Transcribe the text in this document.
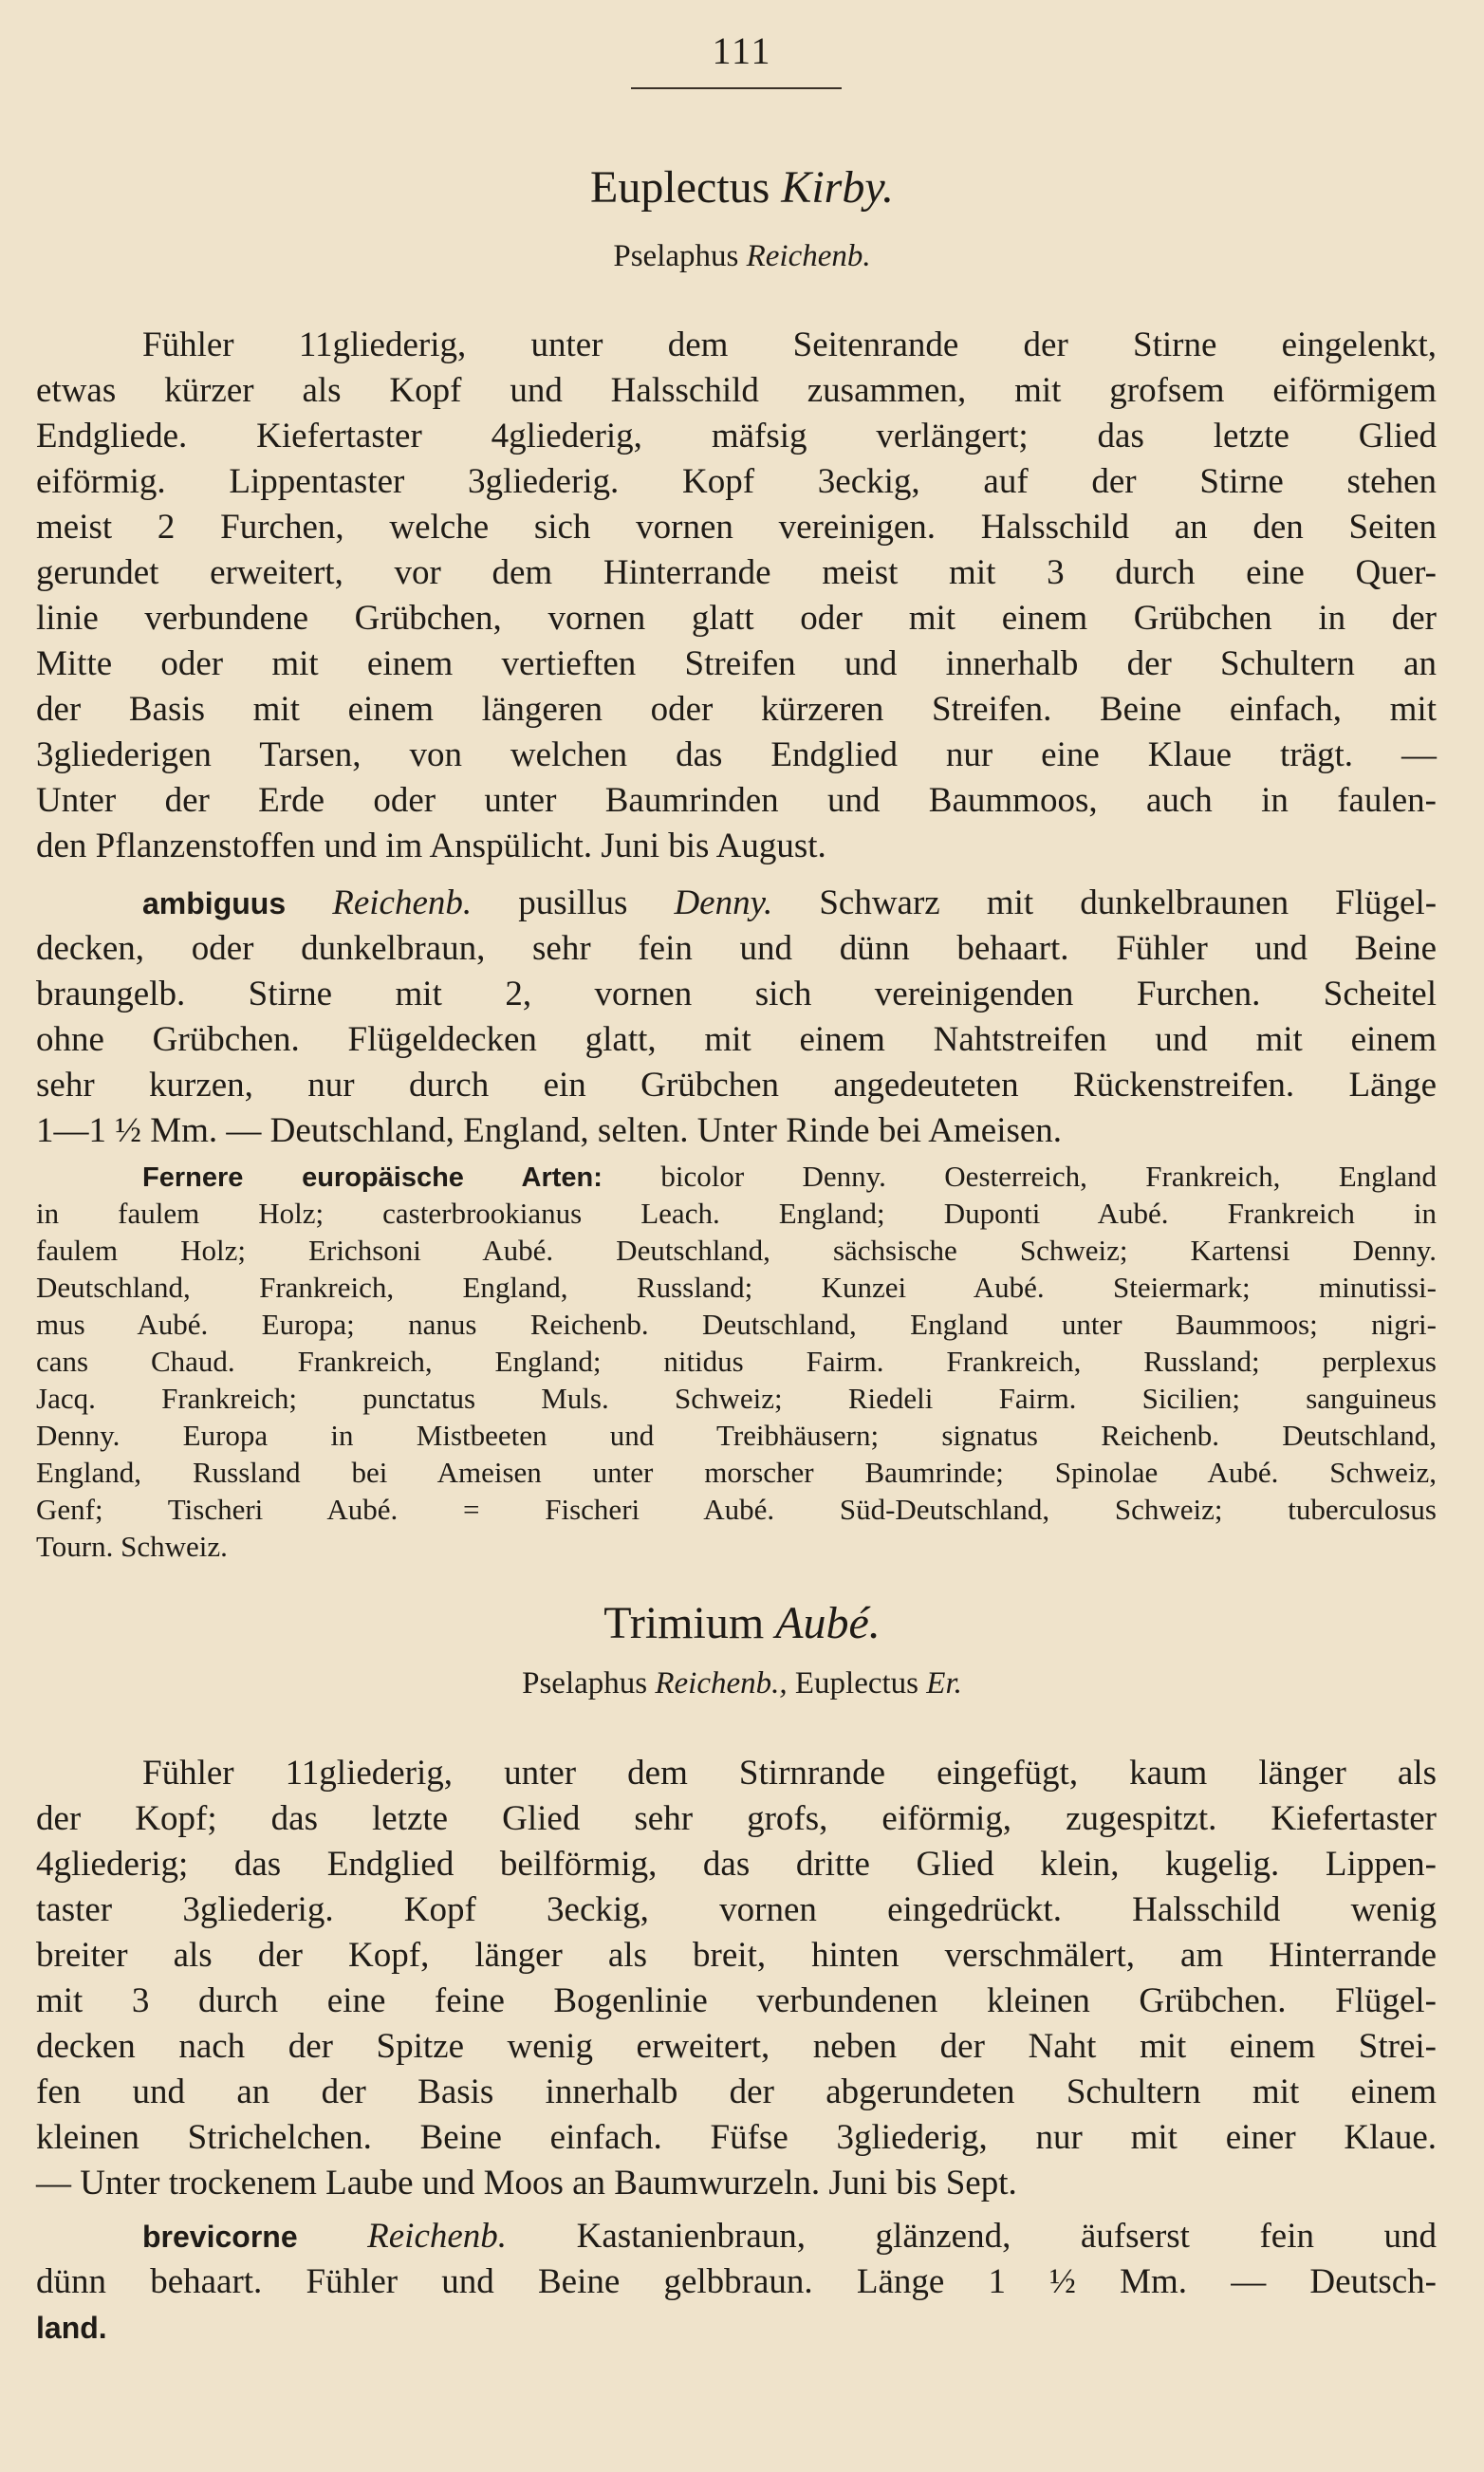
111
Euplectus Kirby.
Pselaphus Reichenb.
Fühler 11gliederig, unter dem Seitenrande der Stirne eingelenkt,
etwas kürzer als Kopf und Halsschild zusammen, mit grofsem eiförmigem
Endgliede. Kiefertaster 4gliederig, mäfsig verlängert; das letzte Glied
eiförmig. Lippentaster 3gliederig. Kopf 3eckig, auf der Stirne stehen
meist 2 Furchen, welche sich vornen vereinigen. Halsschild an den Seiten
gerundet erweitert, vor dem Hinterrande meist mit 3 durch eine Quer-
linie verbundene Grübchen, vornen glatt oder mit einem Grübchen in der
Mitte oder mit einem vertieften Streifen und innerhalb der Schultern an
der Basis mit einem längeren oder kürzeren Streifen. Beine einfach, mit
3gliederigen Tarsen, von welchen das Endglied nur eine Klaue trägt. —
Unter der Erde oder unter Baumrinden und Baummoos, auch in faulen-
den Pflanzenstoffen und im Anspülicht. Juni bis August.
ambiguus Reichenb. pusillus Denny. Schwarz mit dunkelbraunen Flügel-
decken, oder dunkelbraun, sehr fein und dünn behaart. Fühler und Beine
braungelb. Stirne mit 2, vornen sich vereinigenden Furchen. Scheitel
ohne Grübchen. Flügeldecken glatt, mit einem Nahtstreifen und mit einem
sehr kurzen, nur durch ein Grübchen angedeuteten Rückenstreifen. Länge
1—1 ½ Mm. — Deutschland, England, selten. Unter Rinde bei Ameisen.
Fernere europäische Arten: bicolor Denny. Oesterreich, Frankreich, England
in faulem Holz; casterbrookianus Leach. England; Duponti Aubé. Frankreich in
faulem Holz; Erichsoni Aubé. Deutschland, sächsische Schweiz; Kartensi Denny.
Deutschland, Frankreich, England, Russland; Kunzei Aubé. Steiermark; minutissi-
mus Aubé. Europa; nanus Reichenb. Deutschland, England unter Baummoos; nigri-
cans Chaud. Frankreich, England; nitidus Fairm. Frankreich, Russland; perplexus
Jacq. Frankreich; punctatus Muls. Schweiz; Riedeli Fairm. Sicilien; sanguineus
Denny. Europa in Mistbeeten und Treibhäusern; signatus Reichenb. Deutschland,
England, Russland bei Ameisen unter morscher Baumrinde; Spinolae Aubé. Schweiz,
Genf; Tischeri Aubé. = Fischeri Aubé. Süd-Deutschland, Schweiz; tuberculosus
Tourn. Schweiz.
Trimium Aubé.
Pselaphus Reichenb., Euplectus Er.
Fühler 11gliederig, unter dem Stirnrande eingefügt, kaum länger als
der Kopf; das letzte Glied sehr grofs, eiförmig, zugespitzt. Kiefertaster
4gliederig; das Endglied beilförmig, das dritte Glied klein, kugelig. Lippen-
taster 3gliederig. Kopf 3eckig, vornen eingedrückt. Halsschild wenig
breiter als der Kopf, länger als breit, hinten verschmälert, am Hinterrande
mit 3 durch eine feine Bogenlinie verbundenen kleinen Grübchen. Flügel-
decken nach der Spitze wenig erweitert, neben der Naht mit einem Strei-
fen und an der Basis innerhalb der abgerundeten Schultern mit einem
kleinen Strichelchen. Beine einfach. Füfse 3gliederig, nur mit einer Klaue.
— Unter trockenem Laube und Moos an Baumwurzeln. Juni bis Sept.
brevicorne Reichenb. Kastanienbraun, glänzend, äufserst fein und
dünn behaart. Fühler und Beine gelbbraun. Länge 1 ½ Mm. — Deutsch-
land.
